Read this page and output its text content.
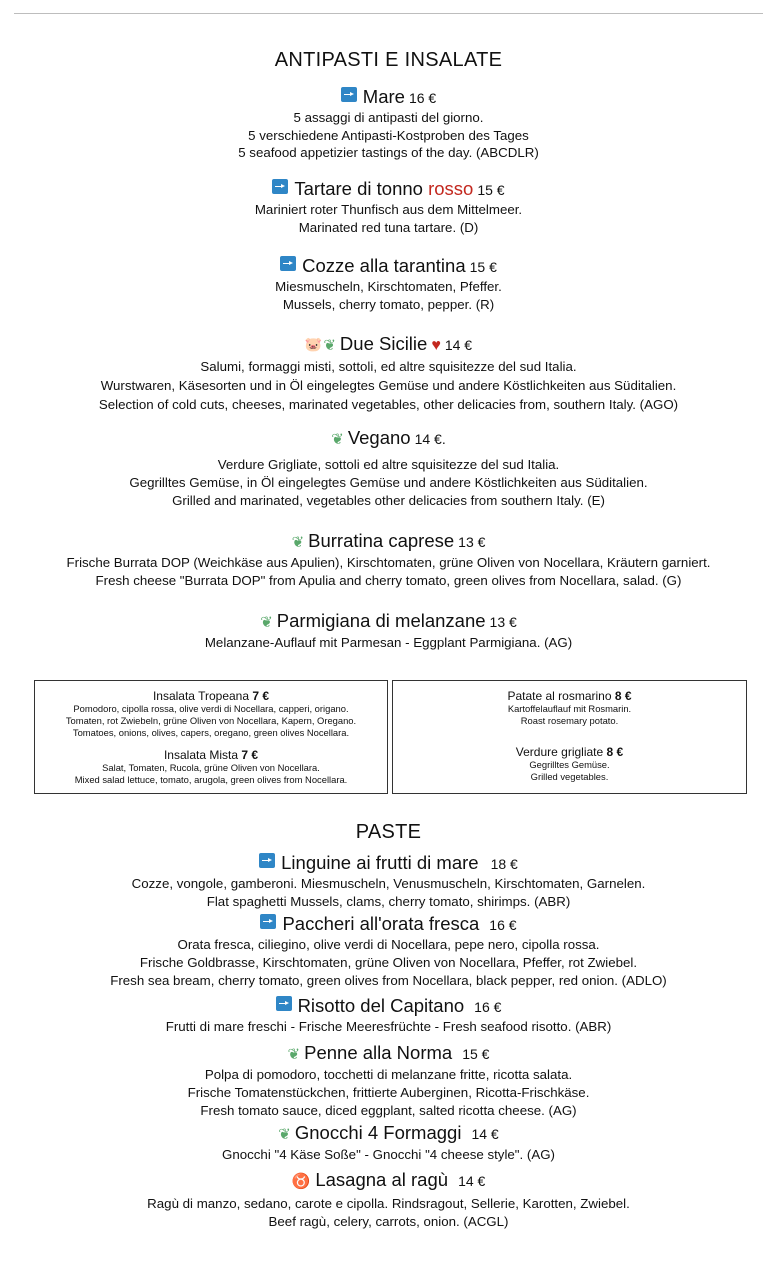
ANTIPASTI E INSALATE
Mare 16 €
5 assaggi di antipasti del giorno.
5 verschiedene Antipasti-Kostproben des Tages
5 seafood appetizier tastings of the day. (ABCDLR)
Tartare di tonno rosso 15 €
Mariniert roter Thunfisch aus dem Mittelmeer.
Marinated red tuna tartare. (D)
Cozze alla tarantina 15 €
Miesmuscheln, Kirschtomaten, Pfeffer.
Mussels, cherry tomato, pepper. (R)
🐷❦ Due Sicilie ♥ 14 €
Salumi, formaggi misti, sottoli, ed altre squisitezze del sud Italia.
Wurstwaren, Käsesorten und in Öl eingelegtes Gemüse und andere Köstlichkeiten aus Süditalien.
Selection of cold cuts, cheeses, marinated vegetables, other delicacies from, southern Italy. (AGO)
❦ Vegano 14 €.
Verdure Grigliate, sottoli ed altre squisitezze del sud Italia.
Gegrilltes Gemüse, in Öl eingelegtes Gemüse und andere Köstlichkeiten aus Süditalien.
Grilled and marinated, vegetables other delicacies from southern Italy. (E)
❦ Burratina caprese 13 €
Frische Burrata DOP (Weichkäse aus Apulien), Kirschtomaten, grüne Oliven von Nocellara, Kräutern garniert.
Fresh cheese "Burrata DOP" from Apulia and cherry tomato, green olives from Nocellara, salad. (G)
❦ Parmigiana di melanzane 13 €
Melanzane-Auflauf mit Parmesan - Eggplant Parmigiana. (AG)
Insalata Tropeana 7 €
Pomodoro, cipolla rossa, olive verdi di Nocellara, capperi, origano.
Tomaten, rot Zwiebeln, grüne Oliven von Nocellara, Kapern, Oregano.
Tomatoes, onions, olives, capers, oregano, green olives Nocellara.
Insalata Mista 7 €
Salat, Tomaten, Rucola, grüne Oliven von Nocellara.
Mixed salad lettuce, tomato, arugola, green olives from Nocellara.
Patate al rosmarino 8 €
Kartoffelauflauf mit Rosmarin.
Roast rosemary potato.
Verdure grigliate 8 €
Gegrilltes Gemüse.
Grilled vegetables.
PASTE
Linguine ai frutti di mare 18 €
Cozze, vongole, gamberoni. Miesmuscheln, Venusmuscheln, Kirschtomaten, Garnelen.
Flat spaghetti Mussels, clams, cherry tomato, shirimps. (ABR)
Paccheri all'orata fresca 16 €
Orata fresca, ciliegino, olive verdi di Nocellara, pepe nero, cipolla rossa.
Frische Goldbrasse, Kirschtomaten, grüne Oliven von Nocellara, Pfeffer, rot Zwiebel.
Fresh sea bream, cherry tomato, green olives from Nocellara, black pepper, red onion. (ADLO)
Risotto del Capitano 16 €
Frutti di mare freschi - Frische Meeresfrüchte - Fresh seafood risotto. (ABR)
❦ Penne alla Norma 15 €
Polpa di pomodoro, tocchetti di melanzane fritte, ricotta salata.
Frische Tomatenstückchen, frittierte Auberginen, Ricotta-Frischkäse.
Fresh tomato sauce, diced eggplant, salted ricotta cheese. (AG)
❦ Gnocchi 4 Formaggi 14 €
Gnocchi "4 Käse Soße" - Gnocchi "4 cheese style". (AG)
♉ Lasagna al ragù 14 €
Ragù di manzo, sedano, carote e cipolla. Rindsragout, Sellerie, Karotten, Zwiebel.
Beef ragù, celery, carrots, onion. (ACGL)
